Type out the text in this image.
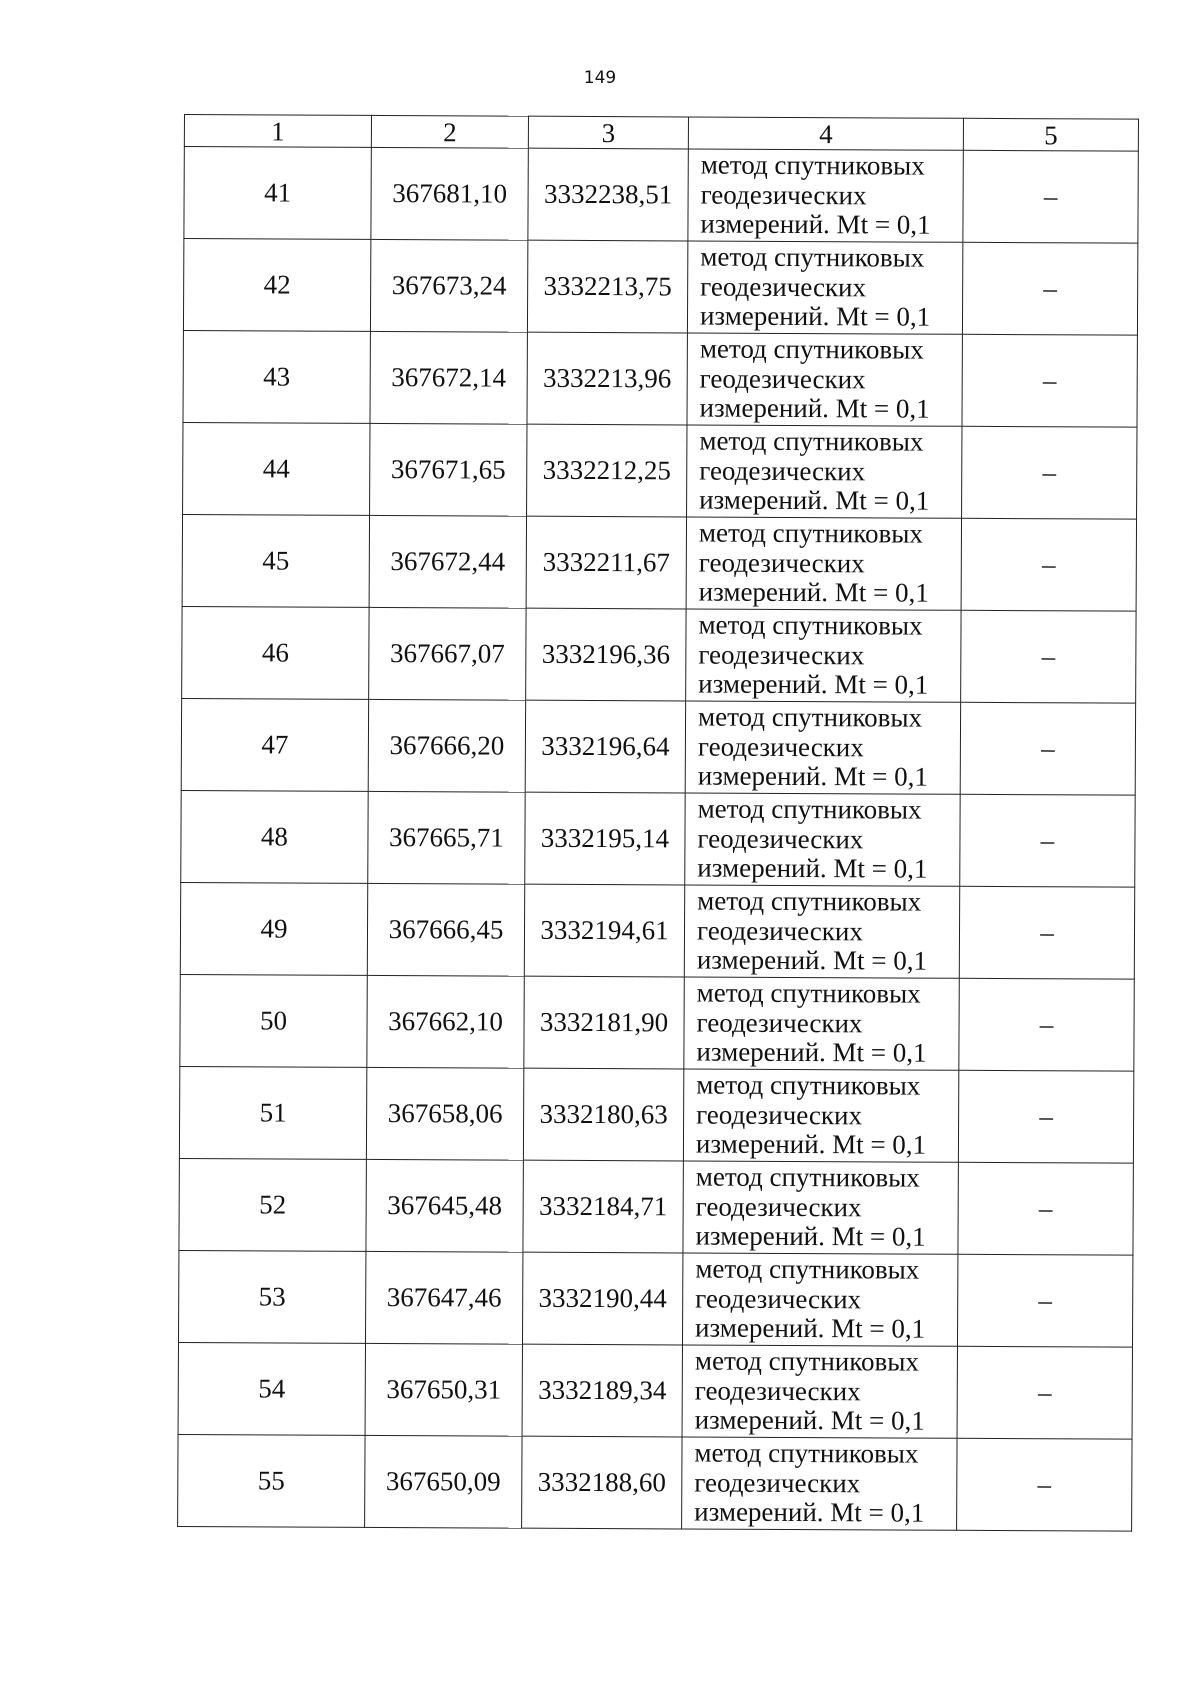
149
1	2	3	4	5
41	367681,10	3332238,51	метод спутниковых
геодезических
измерений. Mt = 0,1	–
42	367673,24	3332213,75	метод спутниковых
геодезических
измерений. Mt = 0,1	–
43	367672,14	3332213,96	метод спутниковых
геодезических
измерений. Mt = 0,1	–
44	367671,65	3332212,25	метод спутниковых
геодезических
измерений. Mt = 0,1	–
45	367672,44	3332211,67	метод спутниковых
геодезических
измерений. Mt = 0,1	–
46	367667,07	3332196,36	метод спутниковых
геодезических
измерений. Mt = 0,1	–
47	367666,20	3332196,64	метод спутниковых
геодезических
измерений. Mt = 0,1	–
48	367665,71	3332195,14	метод спутниковых
геодезических
измерений. Mt = 0,1	–
49	367666,45	3332194,61	метод спутниковых
геодезических
измерений. Mt = 0,1	–
50	367662,10	3332181,90	метод спутниковых
геодезических
измерений. Mt = 0,1	–
51	367658,06	3332180,63	метод спутниковых
геодезических
измерений. Mt = 0,1	–
52	367645,48	3332184,71	метод спутниковых
геодезических
измерений. Mt = 0,1	–
53	367647,46	3332190,44	метод спутниковых
геодезических
измерений. Mt = 0,1	–
54	367650,31	3332189,34	метод спутниковых
геодезических
измерений. Mt = 0,1	–
55	367650,09	3332188,60	метод спутниковых
геодезических
измерений. Mt = 0,1	–
